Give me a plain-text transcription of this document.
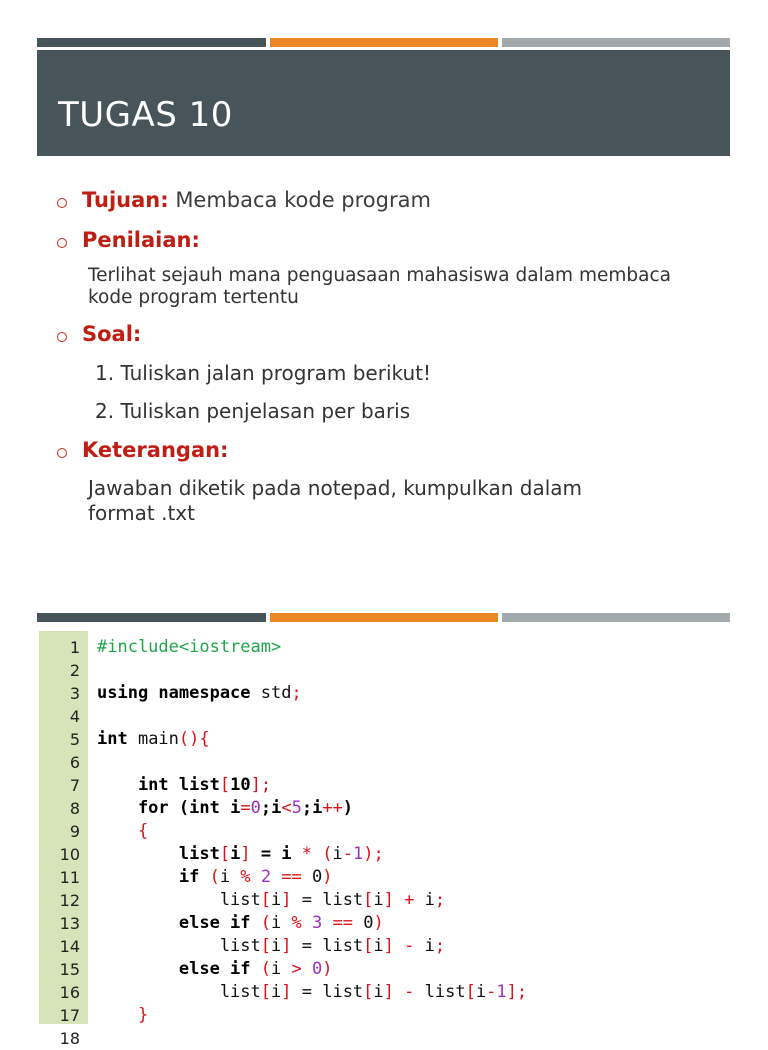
TUGAS 10
Tujuan: Membaca kode program
Penilaian:
Terlihat sejauh mana penguasaan mahasiswa dalam membaca
kode program tertentu
Soal:
1. Tuliskan jalan program berikut!
2. Tuliskan penjelasan per baris
Keterangan:
Jawaban diketik pada notepad, kumpulkan dalam
format .txt
1 #include<iostream>
2
3 using namespace std;
4
5 int main(){
6
7 int list[10];
8 for (int i=0;i<5;i++)
9 {
10 list[i] = i * (i-1);
11 if (i % 2 == 0)
12 list[i] = list[i] + i;
13 else if (i % 3 == 0)
14 list[i] = list[i] - i;
15 else if (i > 0)
16 list[i] = list[i] - list[i-1];
17 }
18
